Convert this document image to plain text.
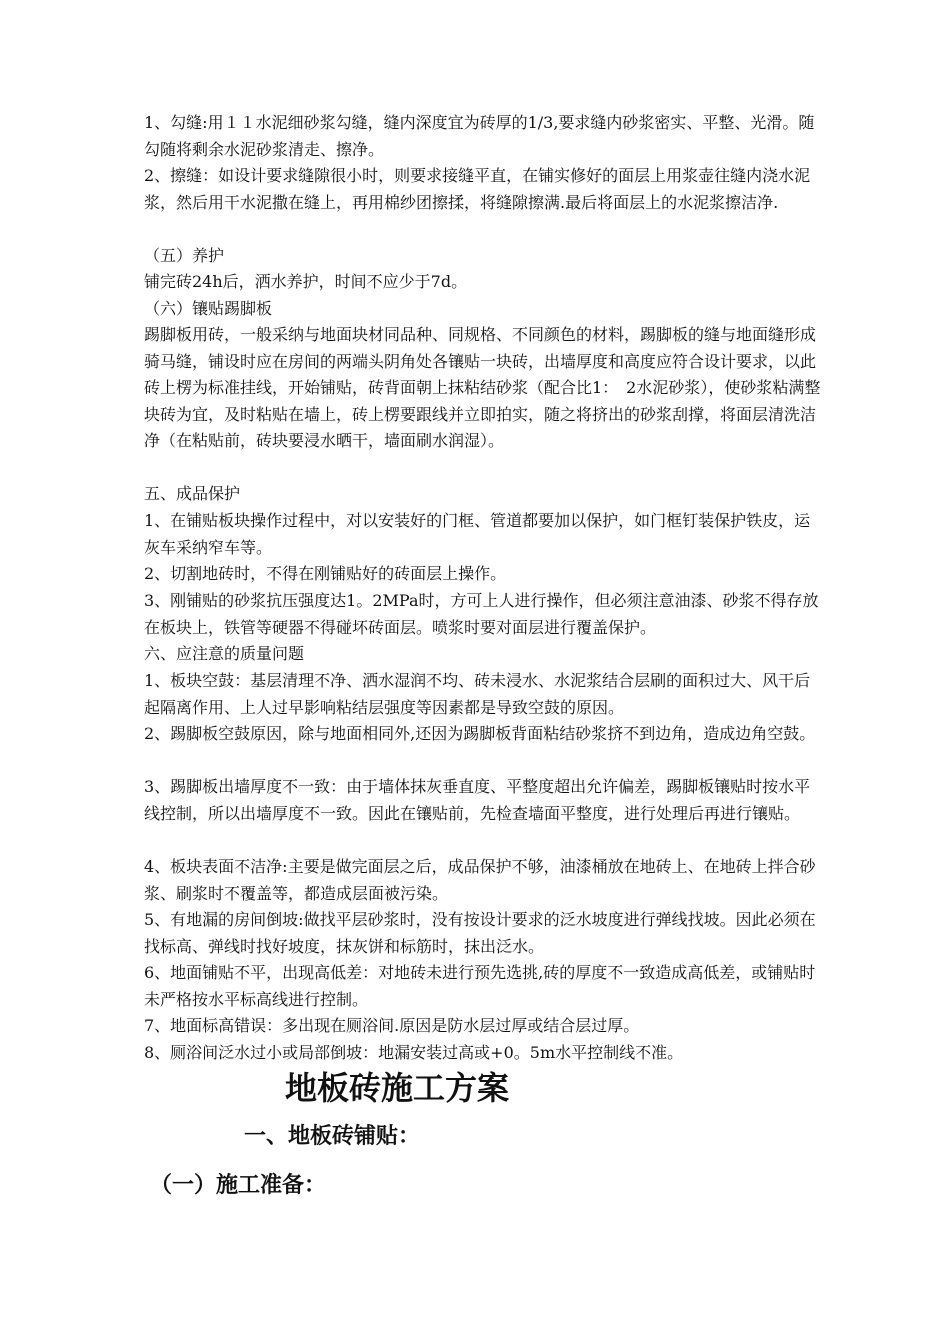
1、勾缝:用１１水泥细砂浆勾缝，缝内深度宜为砖厚的1/3,要求缝内砂浆密实、平整、光滑。随勾随将剩余水泥砂浆清走、擦净。

2、擦缝：如设计要求缝隙很小时，则要求接缝平直，在铺实修好的面层上用浆壶往缝内浇水泥浆，然后用干水泥撒在缝上，再用棉纱团擦揉，将缝隙擦满.最后将面层上的水泥浆擦洁净.

（五）养护

铺完砖24h后，洒水养护，时间不应少于7d。

（六）镶贴踢脚板

踢脚板用砖，一般采纳与地面块材同品种、同规格、不同颜色的材料，踢脚板的缝与地面缝形成骑马缝，铺设时应在房间的两端头阴角处各镶贴一块砖，出墙厚度和高度应符合设计要求，以此砖上楞为标准挂线，开始铺贴，砖背面朝上抹粘结砂浆（配合比1：　2水泥砂浆），使砂浆粘满整块砖为宜，及时粘贴在墙上，砖上楞要跟线并立即拍实，随之将挤出的砂浆刮撑，将面层清洗洁净（在粘贴前，砖块要浸水晒干，墙面刷水润湿）。

五、成品保护

1、在铺贴板块操作过程中，对以安装好的门框、管道都要加以保护，如门框钉装保护铁皮，运灰车采纳窄车等。

2、切割地砖时，不得在刚铺贴好的砖面层上操作。

3、刚铺贴的砂浆抗压强度达1。2MPa时，方可上人进行操作，但必须注意油漆、砂浆不得存放在板块上，铁管等硬器不得碰坏砖面层。喷浆时要对面层进行覆盖保护。

六、应注意的质量问题

1、板块空鼓：基层清理不净、洒水湿润不均、砖未浸水、水泥浆结合层刷的面积过大、风干后起隔离作用、上人过早影响粘结层强度等因素都是导致空鼓的原因。

2、踢脚板空鼓原因，除与地面相同外,还因为踢脚板背面粘结砂浆挤不到边角，造成边角空鼓。

3、踢脚板出墙厚度不一致：由于墙体抹灰垂直度、平整度超出允许偏差，踢脚板镶贴时按水平线控制，所以出墙厚度不一致。因此在镶贴前，先检查墙面平整度，进行处理后再进行镶贴。

4、板块表面不洁净:主要是做完面层之后，成品保护不够，油漆桶放在地砖上、在地砖上拌合砂浆、刷浆时不覆盖等，都造成层面被污染。

5、有地漏的房间倒坡:做找平层砂浆时，没有按设计要求的泛水坡度进行弹线找坡。因此必须在找标高、弹线时找好坡度，抹灰饼和标筋时，抹出泛水。

6、地面铺贴不平，出现高低差：对地砖未进行预先选挑,砖的厚度不一致造成高低差，或铺贴时未严格按水平标高线进行控制。

7、地面标高错误：多出现在厕浴间.原因是防水层过厚或结合层过厚。

8、厕浴间泛水过小或局部倒坡：地漏安装过高或+0。5m水平控制线不准。

地板砖施工方案
一、地板砖铺贴：
（一）施工准备：
